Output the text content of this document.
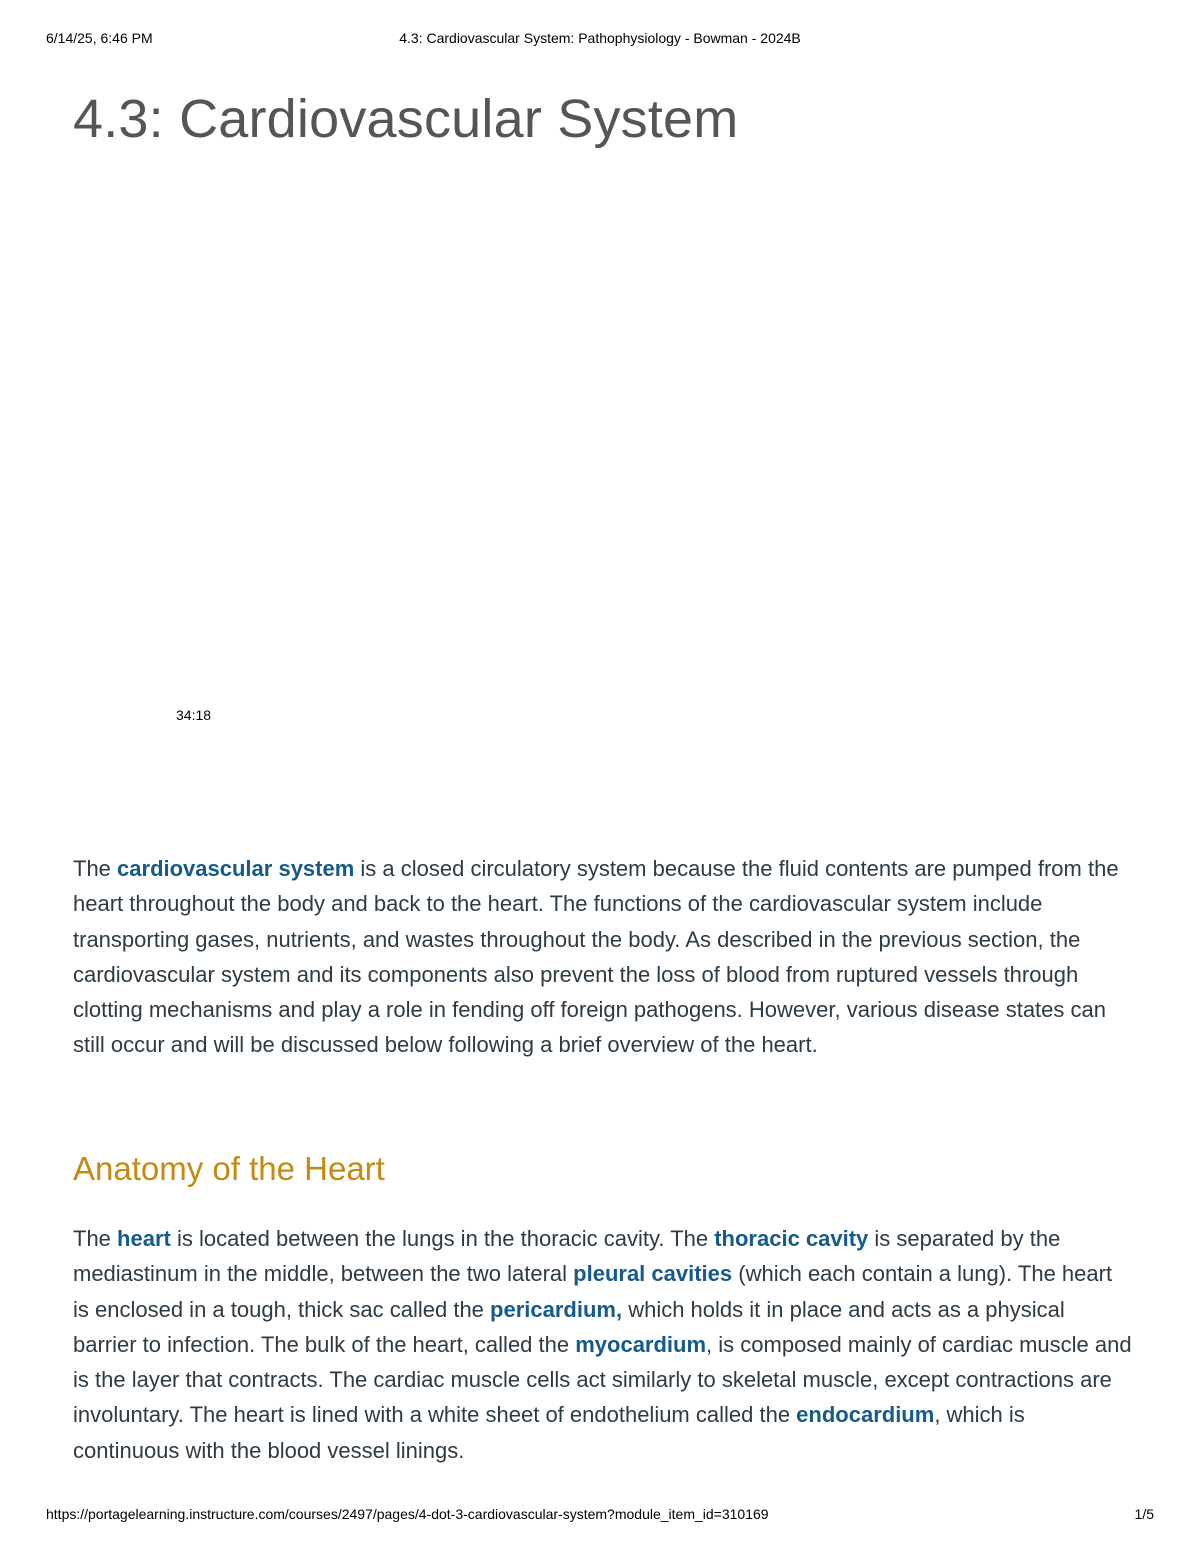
6/14/25, 6:46 PM	4.3: Cardiovascular System: Pathophysiology - Bowman - 2024B
4.3: Cardiovascular System
34:18

The cardiovascular system is a closed circulatory system because the fluid contents are pumped from the heart throughout the body and back to the heart. The functions of the cardiovascular system include transporting gases, nutrients, and wastes throughout the body. As described in the previous section, the cardiovascular system and its components also prevent the loss of blood from ruptured vessels through clotting mechanisms and play a role in fending off foreign pathogens. However, various disease states can still occur and will be discussed below following a brief overview of the heart.

Anatomy of the Heart

The heart is located between the lungs in the thoracic cavity. The thoracic cavity is separated by the mediastinum in the middle, between the two lateral pleural cavities (which each contain a lung). The heart is enclosed in a tough, thick sac called the pericardium, which holds it in place and acts as a physical barrier to infection. The bulk of the heart, called the myocardium, is composed mainly of cardiac muscle and is the layer that contracts. The cardiac muscle cells act similarly to skeletal muscle, except contractions are involuntary. The heart is lined with a white sheet of endothelium called the endocardium, which is continuous with the blood vessel linings.

https://portagelearning.instructure.com/courses/2497/pages/4-dot-3-cardiovascular-system?module_item_id=310169	1/5
